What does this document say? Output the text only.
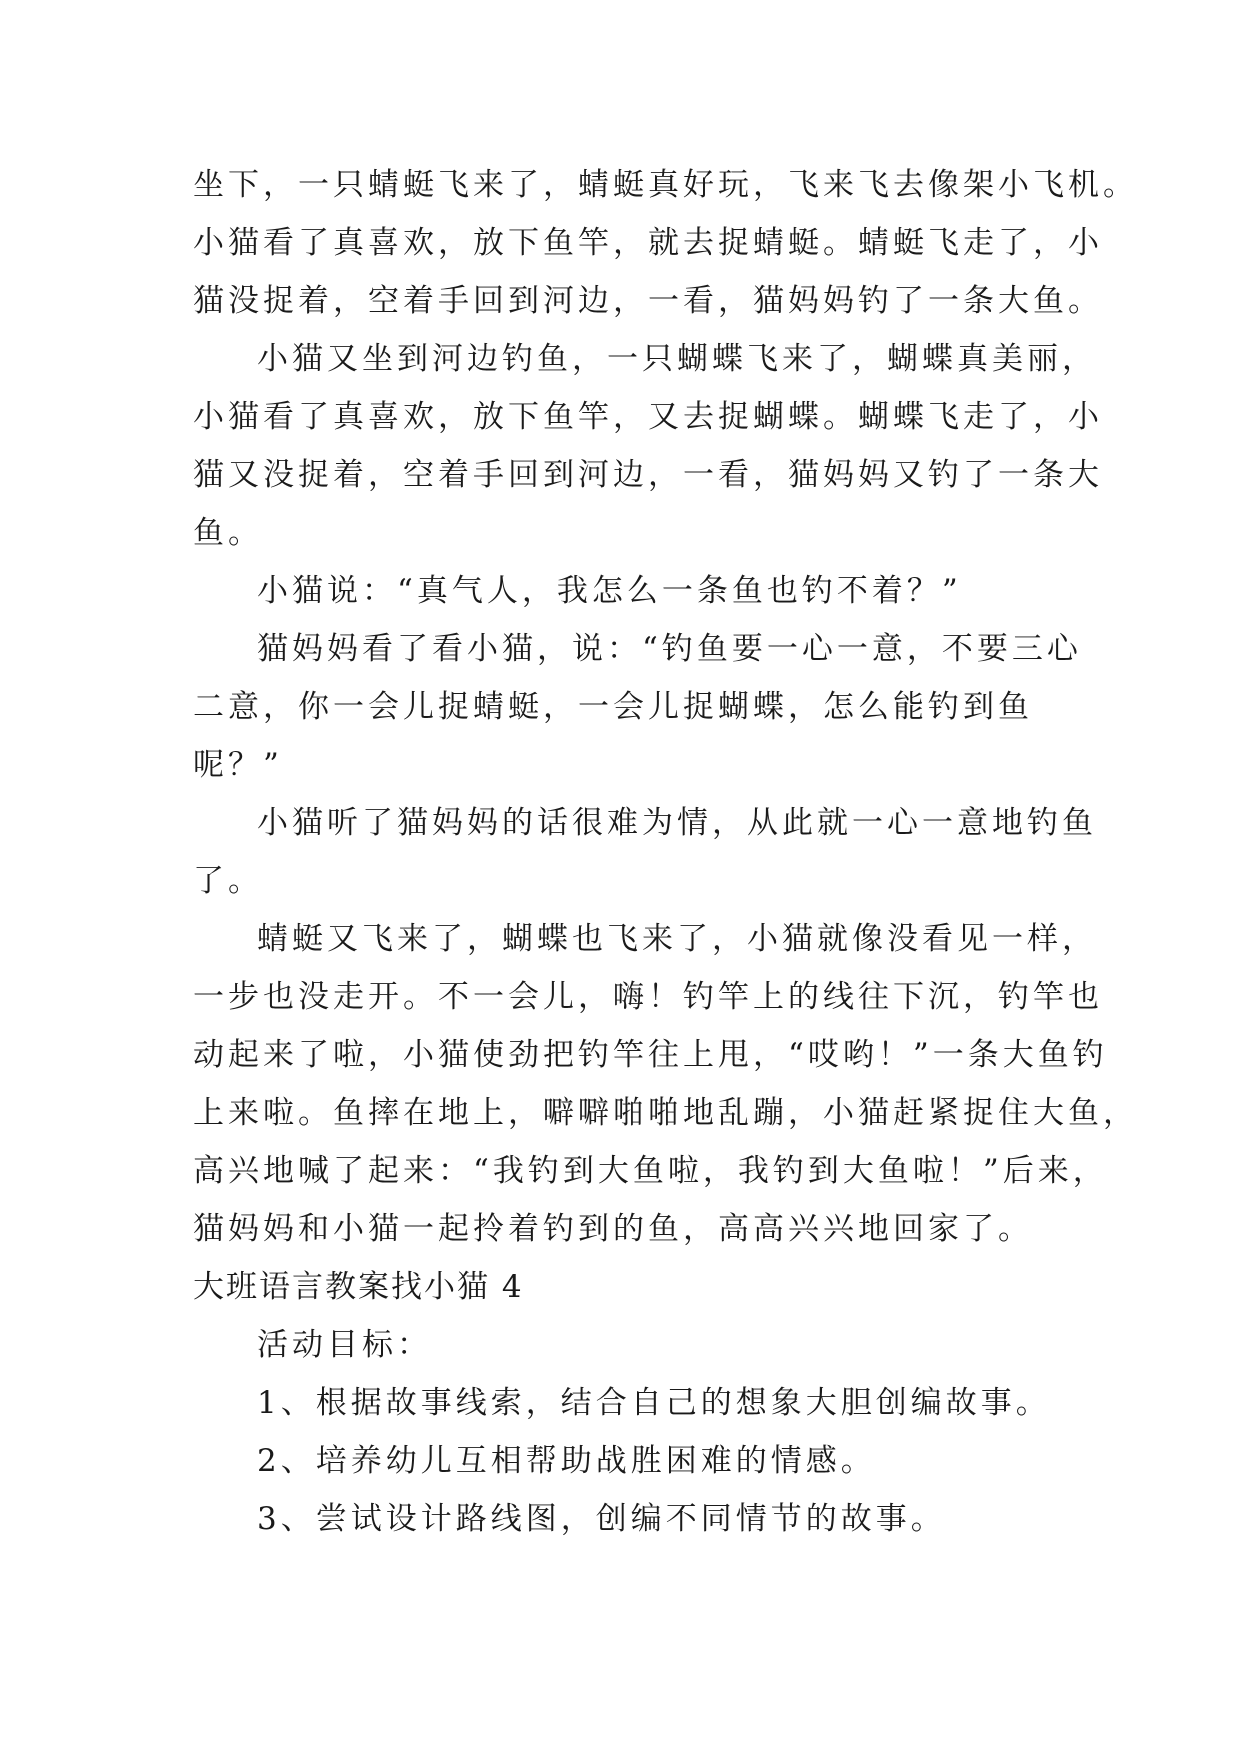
坐下，一只蜻蜓飞来了，蜻蜓真好玩，飞来飞去像架小飞机。
小猫看了真喜欢，放下鱼竿，就去捉蜻蜓。蜻蜓飞走了，小
猫没捉着，空着手回到河边，一看，猫妈妈钓了一条大鱼。
小猫又坐到河边钓鱼，一只蝴蝶飞来了，蝴蝶真美丽，
小猫看了真喜欢，放下鱼竿，又去捉蝴蝶。蝴蝶飞走了，小
猫又没捉着，空着手回到河边，一看，猫妈妈又钓了一条大
鱼。
小猫说：“真气人，我怎么一条鱼也钓不着？”
猫妈妈看了看小猫，说：“钓鱼要一心一意，不要三心
二意，你一会儿捉蜻蜓，一会儿捉蝴蝶，怎么能钓到鱼
呢？”
小猫听了猫妈妈的话很难为情，从此就一心一意地钓鱼
了。
蜻蜓又飞来了，蝴蝶也飞来了，小猫就像没看见一样，
一步也没走开。不一会儿，嗨！钓竿上的线往下沉，钓竿也
动起来了啦，小猫使劲把钓竿往上甩，“哎哟！”一条大鱼钓
上来啦。鱼摔在地上，噼噼啪啪地乱蹦，小猫赶紧捉住大鱼，
高兴地喊了起来：“我钓到大鱼啦，我钓到大鱼啦！”后来，
猫妈妈和小猫一起拎着钓到的鱼，高高兴兴地回家了。
大班语言教案找小猫 4
活动目标：
1、根据故事线索，结合自己的想象大胆创编故事。
2、培养幼儿互相帮助战胜困难的情感。
3、尝试设计路线图，创编不同情节的故事。
